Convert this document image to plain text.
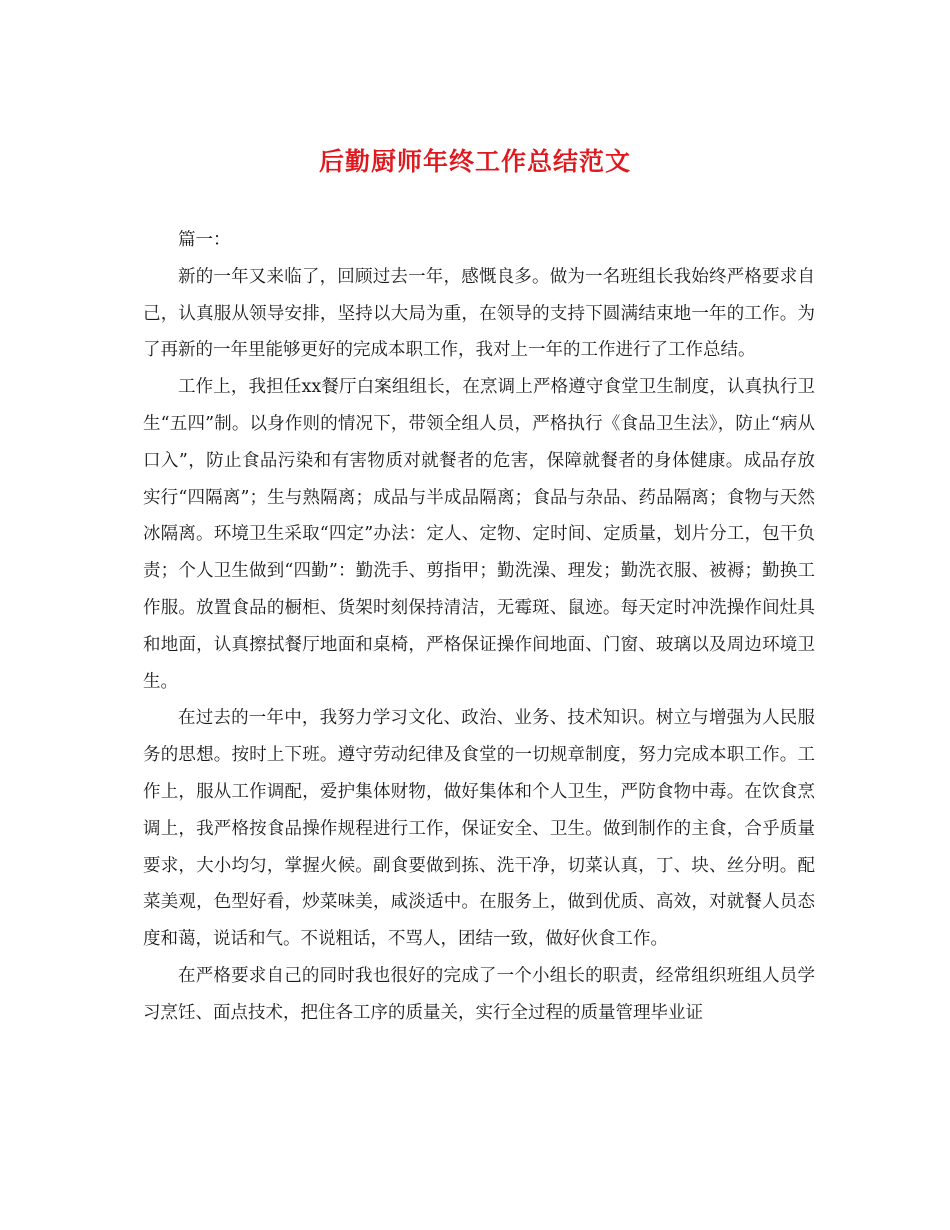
后勤厨师年终工作总结范文

篇一：

新的一年又来临了，回顾过去一年，感慨良多。做为一名班组长我始终严格要求自己，认真服从领导安排，坚持以大局为重，在领导的支持下圆满结束地一年的工作。为了再新的一年里能够更好的完成本职工作，我对上一年的工作进行了工作总结。

工作上，我担任xx餐厅白案组组长，在烹调上严格遵守食堂卫生制度，认真执行卫生“五四”制。以身作则的情况下，带领全组人员，严格执行《食品卫生法》，防止“病从口入”，防止食品污染和有害物质对就餐者的危害，保障就餐者的身体健康。成品存放实行“四隔离”；生与熟隔离；成品与半成品隔离；食品与杂品、药品隔离；食物与天然冰隔离。环境卫生采取“四定”办法：定人、定物、定时间、定质量，划片分工，包干负责；个人卫生做到“四勤”：勤洗手、剪指甲；勤洗澡、理发；勤洗衣服、被褥；勤换工作服。放置食品的橱柜、货架时刻保持清洁，无霉斑、鼠迹。每天定时冲洗操作间灶具和地面，认真擦拭餐厅地面和桌椅，严格保证操作间地面、门窗、玻璃以及周边环境卫生。

在过去的一年中，我努力学习文化、政治、业务、技术知识。树立与增强为人民服务的思想。按时上下班。遵守劳动纪律及食堂的一切规章制度，努力完成本职工作。工作上，服从工作调配，爱护集体财物，做好集体和个人卫生，严防食物中毒。在饮食烹调上，我严格按食品操作规程进行工作，保证安全、卫生。做到制作的主食，合乎质量要求，大小均匀，掌握火候。副食要做到拣、洗干净，切菜认真，丁、块、丝分明。配菜美观，色型好看，炒菜味美，咸淡适中。在服务上，做到优质、高效，对就餐人员态度和蔼，说话和气。不说粗话，不骂人，团结一致，做好伙食工作。

在严格要求自己的同时我也很好的完成了一个小组长的职责，经常组织班组人员学习烹饪、面点技术，把住各工序的质量关，实行全过程的质量管理毕业证
